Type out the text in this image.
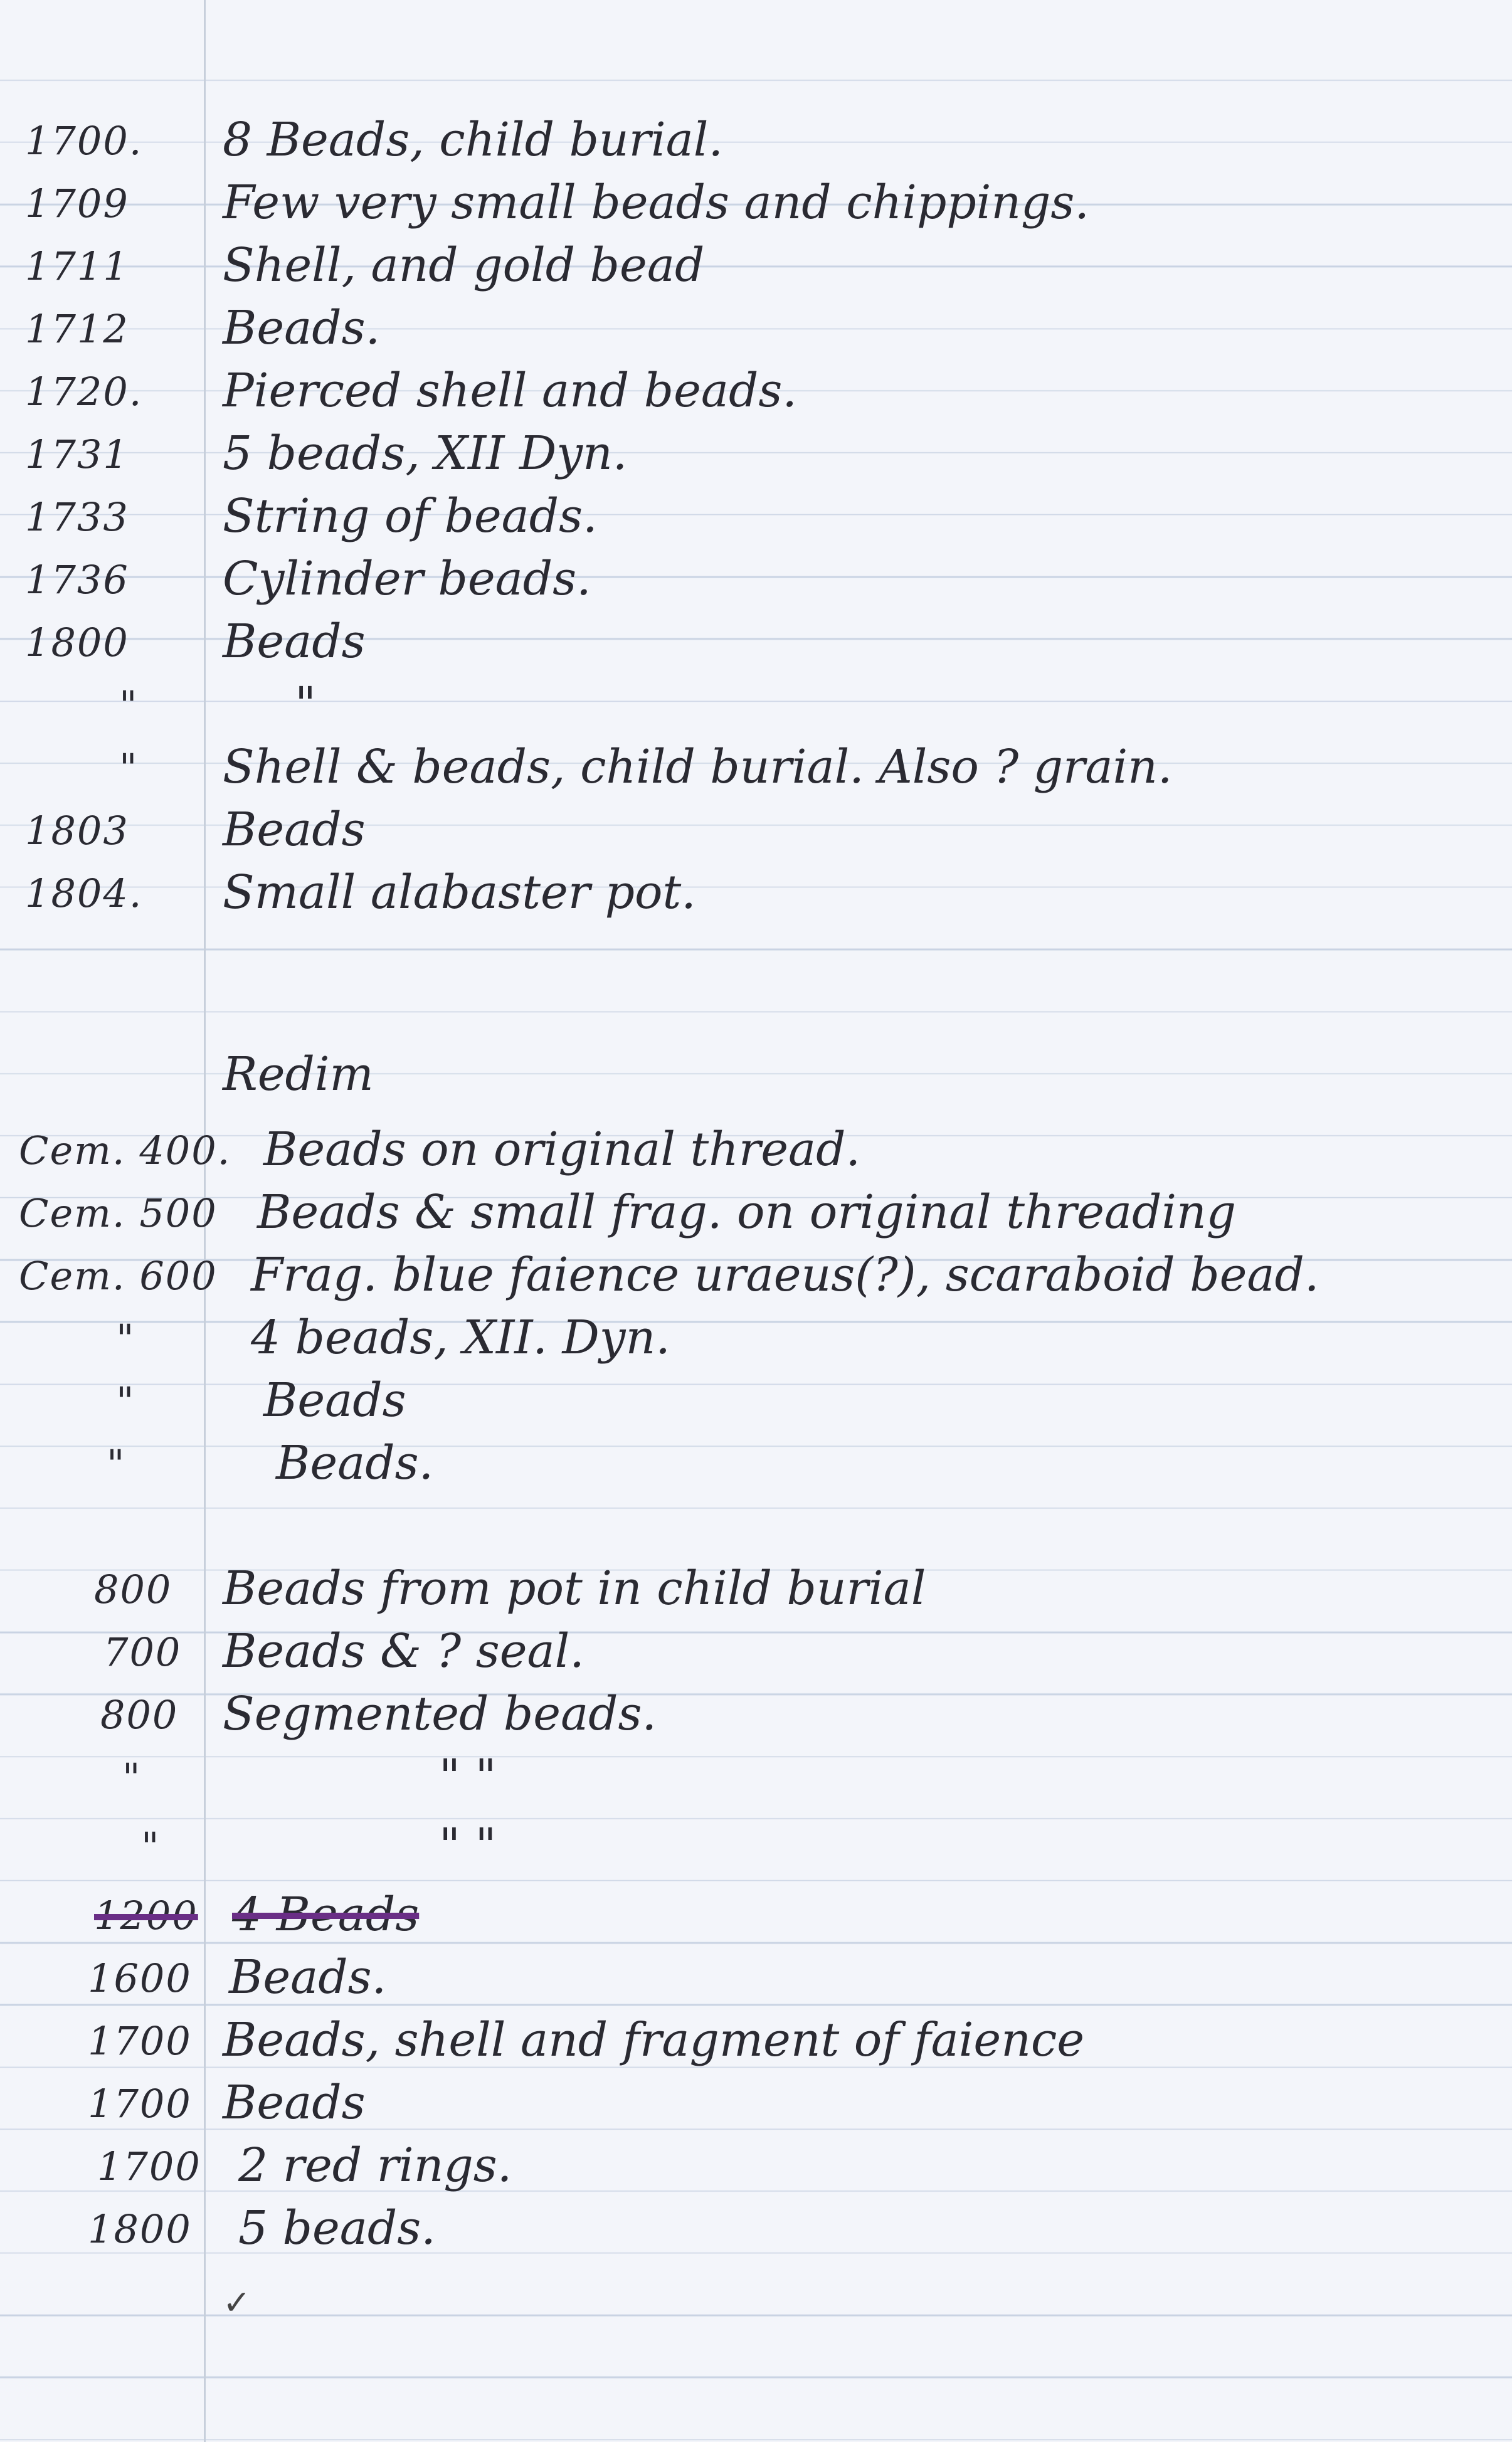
1700.	8 Beads, child burial.
1709	Few very small beads and chippings.
1711	Shell, and gold bead
1712	Beads.
1720.	Pierced shell and beads.
1731	5 beads, XII Dyn.
1733	String of beads.
1736	Cylinder beads.
1800	Beads
"	"
"	Shell & beads, child burial. Also ? grain.
1803	Beads
1804.	Small alabaster pot.
Redim
Cem. 400. Beads on original thread.
Cem. 500 Beads & small frag. on original threading
Cem. 600 Frag. blue faience uraeus(?), scaraboid bead.
"	4 beads, XII. Dyn.
"	Beads
"	Beads.
800	Beads from pot in child burial
700 Beads & ? seal.
800 Segmented beads.
"	" "
"	" "
1200 4 Beads
1600 Beads.
1700 Beads, shell and fragment of faience
1700 Beads
1700 2 red rings.
1800	5 beads.
✓
